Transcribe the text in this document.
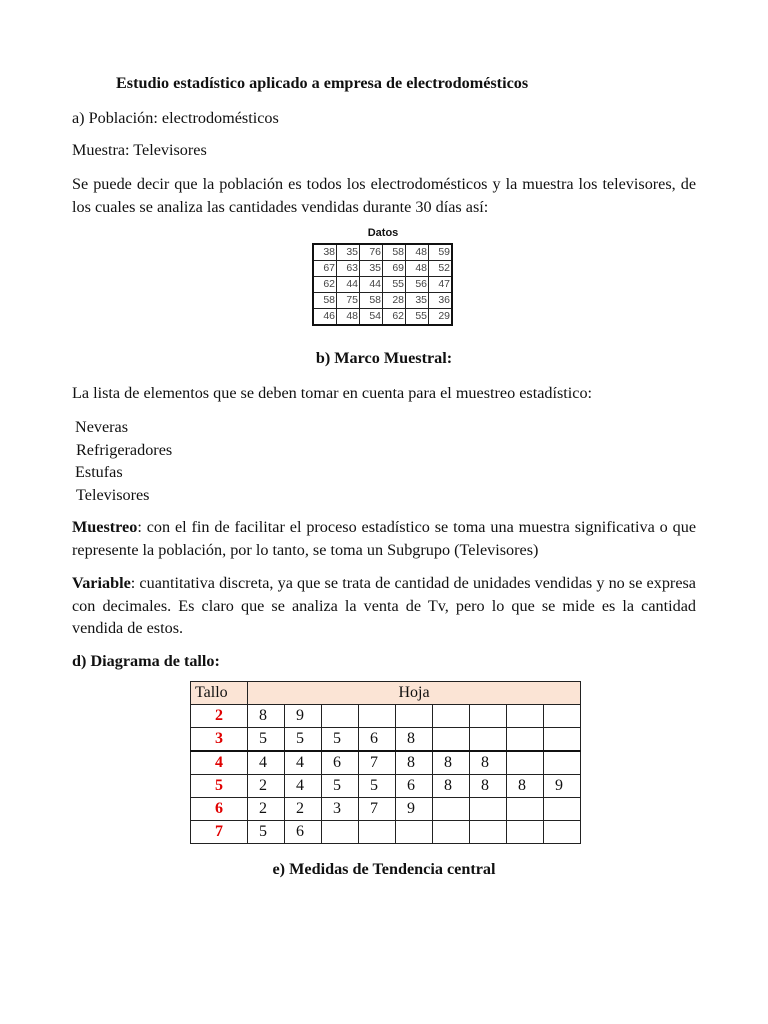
Estudio estadístico aplicado a empresa de electrodomésticos

a) Población: electrodomésticos

Muestra: Televisores

Se puede decir que la población es todos los electrodomésticos y la muestra los televisores, de los cuales se analiza las cantidades vendidas durante 30 días así:

Datos
38	35	76	58	48	59
67	63	35	69	48	52
62	44	44	55	56	47
58	75	58	28	35	36
46	48	54	62	55	29

b) Marco Muestral:

La lista de elementos que se deben tomar en cuenta para el muestreo estadístico:

Neveras
Refrigeradores
Estufas
Televisores

Muestreo: con el fin de facilitar el proceso estadístico se toma una muestra significativa o que represente la población, por lo tanto, se toma un Subgrupo (Televisores)

Variable: cuantitativa discreta, ya que se trata de cantidad de unidades vendidas y no se expresa con decimales. Es claro que se analiza la venta de Tv, pero lo que se mide es la cantidad vendida de estos.

d) Diagrama de tallo:

Tallo	Hoja								
2	8	9							
3	5	5	5	6	8				
4	4	4	6	7	8	8	8		
5	2	4	5	5	6	8	8	8	9
6	2	2	3	7	9				
7	5	6							

e) Medidas de Tendencia central
